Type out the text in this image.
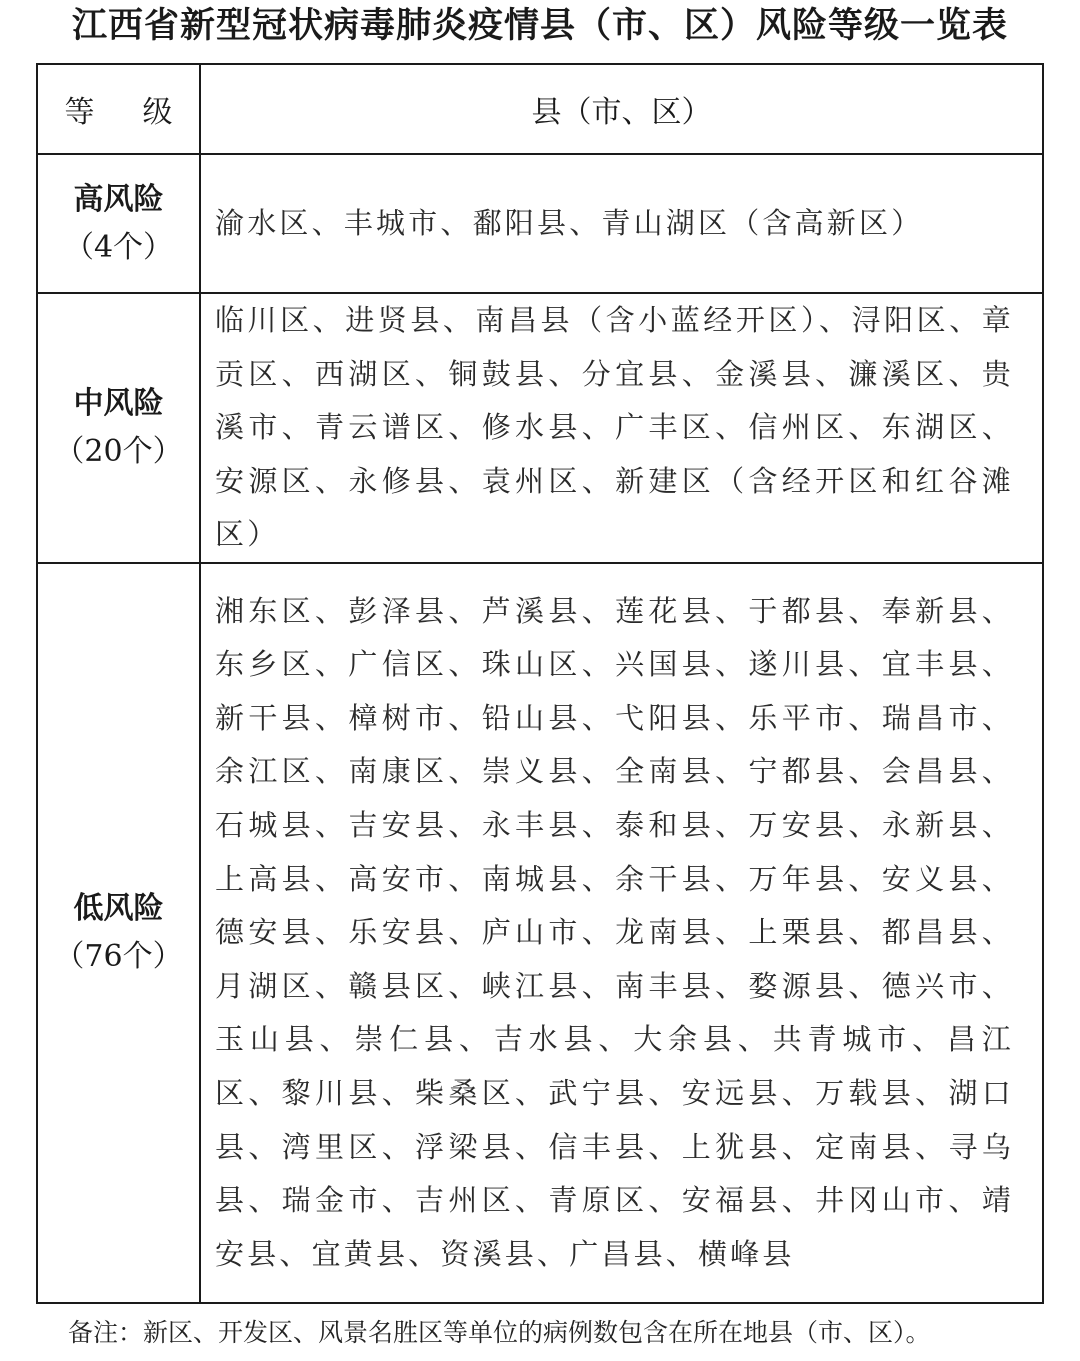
江西省新型冠状病毒肺炎疫情县（市、区）风险等级一览表
等 级	县（市、区）

高风险
（4个）	渝水区、丰城市、鄱阳县、青山湖区（含高新区）

中风险
（20个）	临川区、进贤县、南昌县（含小蓝经开区）、浔阳区、章贡区、西湖区、铜鼓县、分宜县、金溪县、濂溪区、贵溪市、青云谱区、修水县、广丰区、信州区、东湖区、安源区、永修县、袁州区、新建区（含经开区和红谷滩区）

低风险
（76个）	湘东区、彭泽县、芦溪县、莲花县、于都县、奉新县、东乡区、广信区、珠山区、兴国县、遂川县、宜丰县、新干县、樟树市、铅山县、弋阳县、乐平市、瑞昌市、余江区、南康区、崇义县、全南县、宁都县、会昌县、石城县、吉安县、永丰县、泰和县、万安县、永新县、上高县、高安市、南城县、余干县、万年县、安义县、德安县、乐安县、庐山市、龙南县、上栗县、都昌县、月湖区、赣县区、峡江县、南丰县、婺源县、德兴市、玉山县、崇仁县、吉水县、大余县、共青城市、昌江区、黎川县、柴桑区、武宁县、安远县、万载县、湖口县、湾里区、浮梁县、信丰县、上犹县、定南县、寻乌县、瑞金市、吉州区、青原区、安福县、井冈山市、靖安县、宜黄县、资溪县、广昌县、横峰县
备注：新区、开发区、风景名胜区等单位的病例数包含在所在地县（市、区）。
